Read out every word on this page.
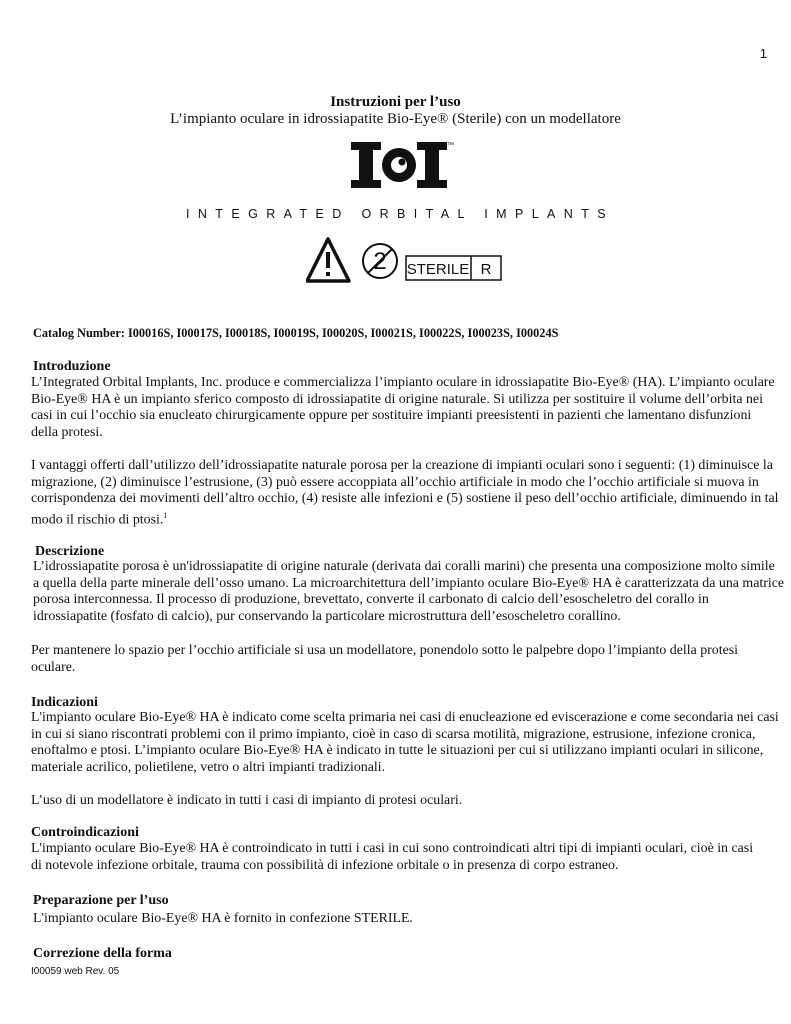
1
Instruzioni per l’uso
L’impianto oculare in idrossiapatite Bio-Eye® (Sterile) con un modellatore
™
INTEGRATED ORBITAL IMPLANTS
2 STERILE R
Catalog Number: I00016S, I00017S, I00018S, I00019S, I00020S, I00021S, I00022S, I00023S, I00024S
Introduzione
L’Integrated Orbital Implants, Inc. produce e commercializza l’impianto oculare in idrossiapatite Bio-Eye® (HA). L’impianto oculare
Bio-Eye® HA è un impianto sferico composto di idrossiapatite di origine naturale. Si utilizza per sostituire il volume dell’orbita nei
casi in cui l’occhio sia enucleato chirurgicamente oppure per sostituire impianti preesistenti in pazienti che lamentano disfunzioni
della protesi.
I vantaggi offerti dall’utilizzo dell’idrossiapatite naturale porosa per la creazione di impianti oculari sono i seguenti: (1) diminuisce la
migrazione, (2) diminuisce l’estrusione, (3) può essere accoppiata all’occhio artificiale in modo che l’occhio artificiale si muova in
corrispondenza dei movimenti dell’altro occhio, (4) resiste alle infezioni e (5) sostiene il peso dell’occhio artificiale, diminuendo in tal
modo il rischio di ptosi.$^1$
Descrizione
L’idrossiapatite porosa è un'idrossiapatite di origine naturale (derivata dai coralli marini) che presenta una composizione molto simile
a quella della parte minerale dell’osso umano. La microarchitettura dell’impianto oculare Bio-Eye® HA è caratterizzata da una matrice
porosa interconnessa. Il processo di produzione, brevettato, converte il carbonato di calcio dell’esoscheletro del corallo in
idrossiapatite (fosfato di calcio), pur conservando la particolare microstruttura dell’esoscheletro corallino.
Per mantenere lo spazio per l’occhio artificiale si usa un modellatore, ponendolo sotto le palpebre dopo l’impianto della protesi
oculare.
Indicazioni
L'impianto oculare Bio-Eye® HA è indicato come scelta primaria nei casi di enucleazione ed eviscerazione e come secondaria nei casi
in cui si siano riscontrati problemi con il primo impianto, cioè in caso di scarsa motilità, migrazione, estrusione, infezione cronica,
enoftalmo e ptosi. L’impianto oculare Bio-Eye® HA è indicato in tutte le situazioni per cui si utilizzano impianti oculari in silicone,
materiale acrilico, polietilene, vetro o altri impianti tradizionali.
L’uso di un modellatore è indicato in tutti i casi di impianto di protesi oculari.
Controindicazioni
L'impianto oculare Bio-Eye® HA è controindicato in tutti i casi in cui sono controindicati altri tipi di impianti oculari, cioè in casi
di notevole infezione orbitale, trauma con possibilità di infezione orbitale o in presenza di corpo estraneo.
Preparazione per l’uso
L'impianto oculare Bio-Eye® HA è fornito in confezione STERILE.
Correzione della forma
I00059 web Rev. 05
